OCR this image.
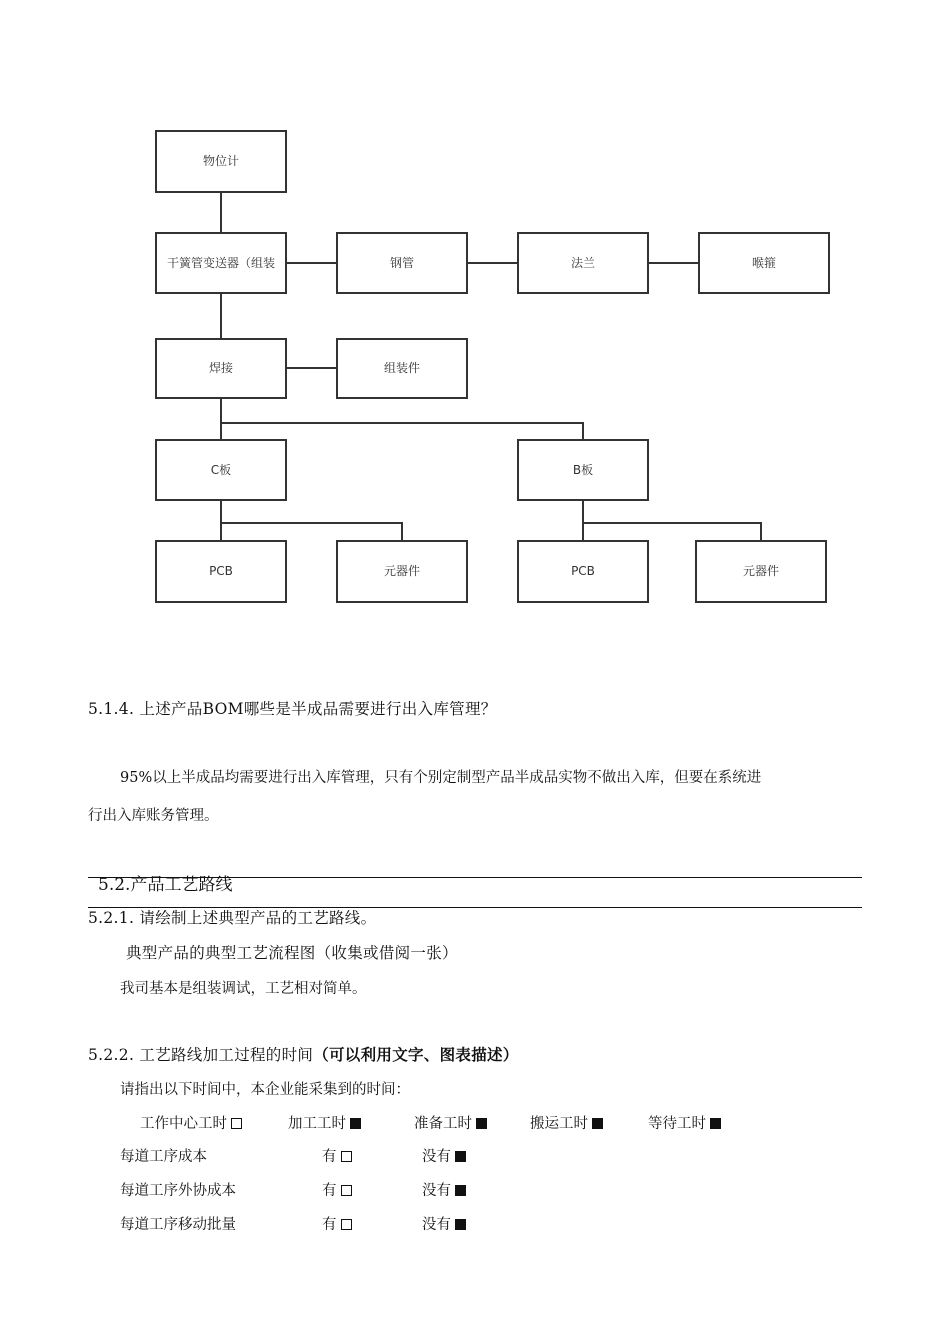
物位计
干簧管变送器（组装	钢管	法兰	喉箍
焊接	组装件
C板	B板
PCB	元器件	PCB	元器件
5.1.4. 上述产品BOM哪些是半成品需要进行出入库管理？
95%以上半成品均需要进行出入库管理，只有个别定制型产品半成品实物不做出入库，但要在系统进
行出入库账务管理。
5.2.产品工艺路线
5.2.1. 请绘制上述典型产品的工艺路线。
典型产品的典型工艺流程图（收集或借阅一张）
我司基本是组装调试，工艺相对简单。
5.2.2. 工艺路线加工过程的时间（可以利用文字、图表描述）
请指出以下时间中，本企业能采集到的时间：
工作中心工时	加工工时	准备工时	搬运工时	等待工时
每道工序成本	有	没有
每道工序外协成本	有	没有
每道工序移动批量	有	没有
